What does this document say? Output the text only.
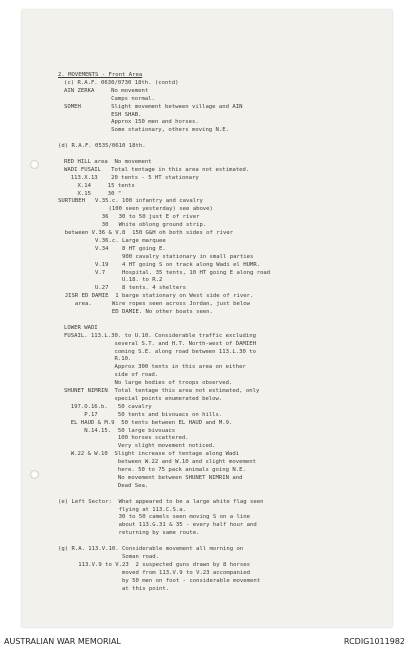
2. MOVEMENTS - Front Area
(c) R.A.F. 0630/0730 18th. (contd)
AIN ZERKA     No movement
Camps normal.
SOMEH         Slight movement between village and AIN
ESH SHAB.
Approx 150 men and horses.
Some stationary, others moving N.E.
(d) R.A.F. 0535/0610 18th.
RED HILL area  No movement
WADI FUSAIL   Total tentage in this area not estimated.
113.X.13    20 tents - 5 HT stationary
X.14     15 tents
X.15     30 "
SURTUBEH   V.35.c. 100 infantry and cavalry
(100 seen yesterday) see above)
36   30 to 50 just E of river
30   White oblong ground strip.
between V.36 & V.8  150 G&H oh both sides of river
V.36.c. Large marquee
V.34    8 HT going E.
900 cavalry stationary in small parties
V.19    4 HT going S on track along Wadi el HUMR.
V.7     Hospital. 35 tents, 10 HT going E along road
U.18. to R.2
U.27    8 tents. 4 shelters
JISR ED DAMIE  1 barge stationary on West side of river.
area.      Wire ropes seen across Jordan, just below
ED DAMIE. No other boats seen.
LOWER WADI
FUSAIL. 113.L.30. to U.10. Considerable traffic excluding
several S.T. and H.T. North-west of DAMIEH
coming S.E. along road between 113.L.30 to
R.10.
Approx 300 tents in this area on either
side of road.
No large bodies of troops observed.
SHUNET NIMRIN  Total tentage this area not estimated, only
special points enumerated below.
197.O.16.b.   50 cavalry
P.17      50 tents and bivouacs on hills.
EL HAUD & M.9  50 tents between EL HAUD and M.9.
N.14.15.  50 large bivouacs
100 horses scattered.
Very slight movement noticed.
W.22 & W.10  Slight increase of tentage along Wadi
between W.22 and W.10 and slight movement
here. 50 to 75 pack animals going N.E.
No movement between SHUNET NIMRIN and
Dead Sea.
(e) Left Sector:  What appeared to be a large white flag seen
flying at 113.C.S.a.
30 to 50 camels seen moving S on a line
about 113.G.31 & 35 - every half hour and
returning by same route.
(g) R.A. 113.V.10. Considerable movement all morning on
Soman road.
113.V.9 to V.23  2 suspected guns drawn by 8 horses
moved from 113.V.9 to V.23 accompanied
by 50 men on foot - considerable movement
at this point.
AUSTRALIAN WAR MEMORIAL	RCDIG1011982
